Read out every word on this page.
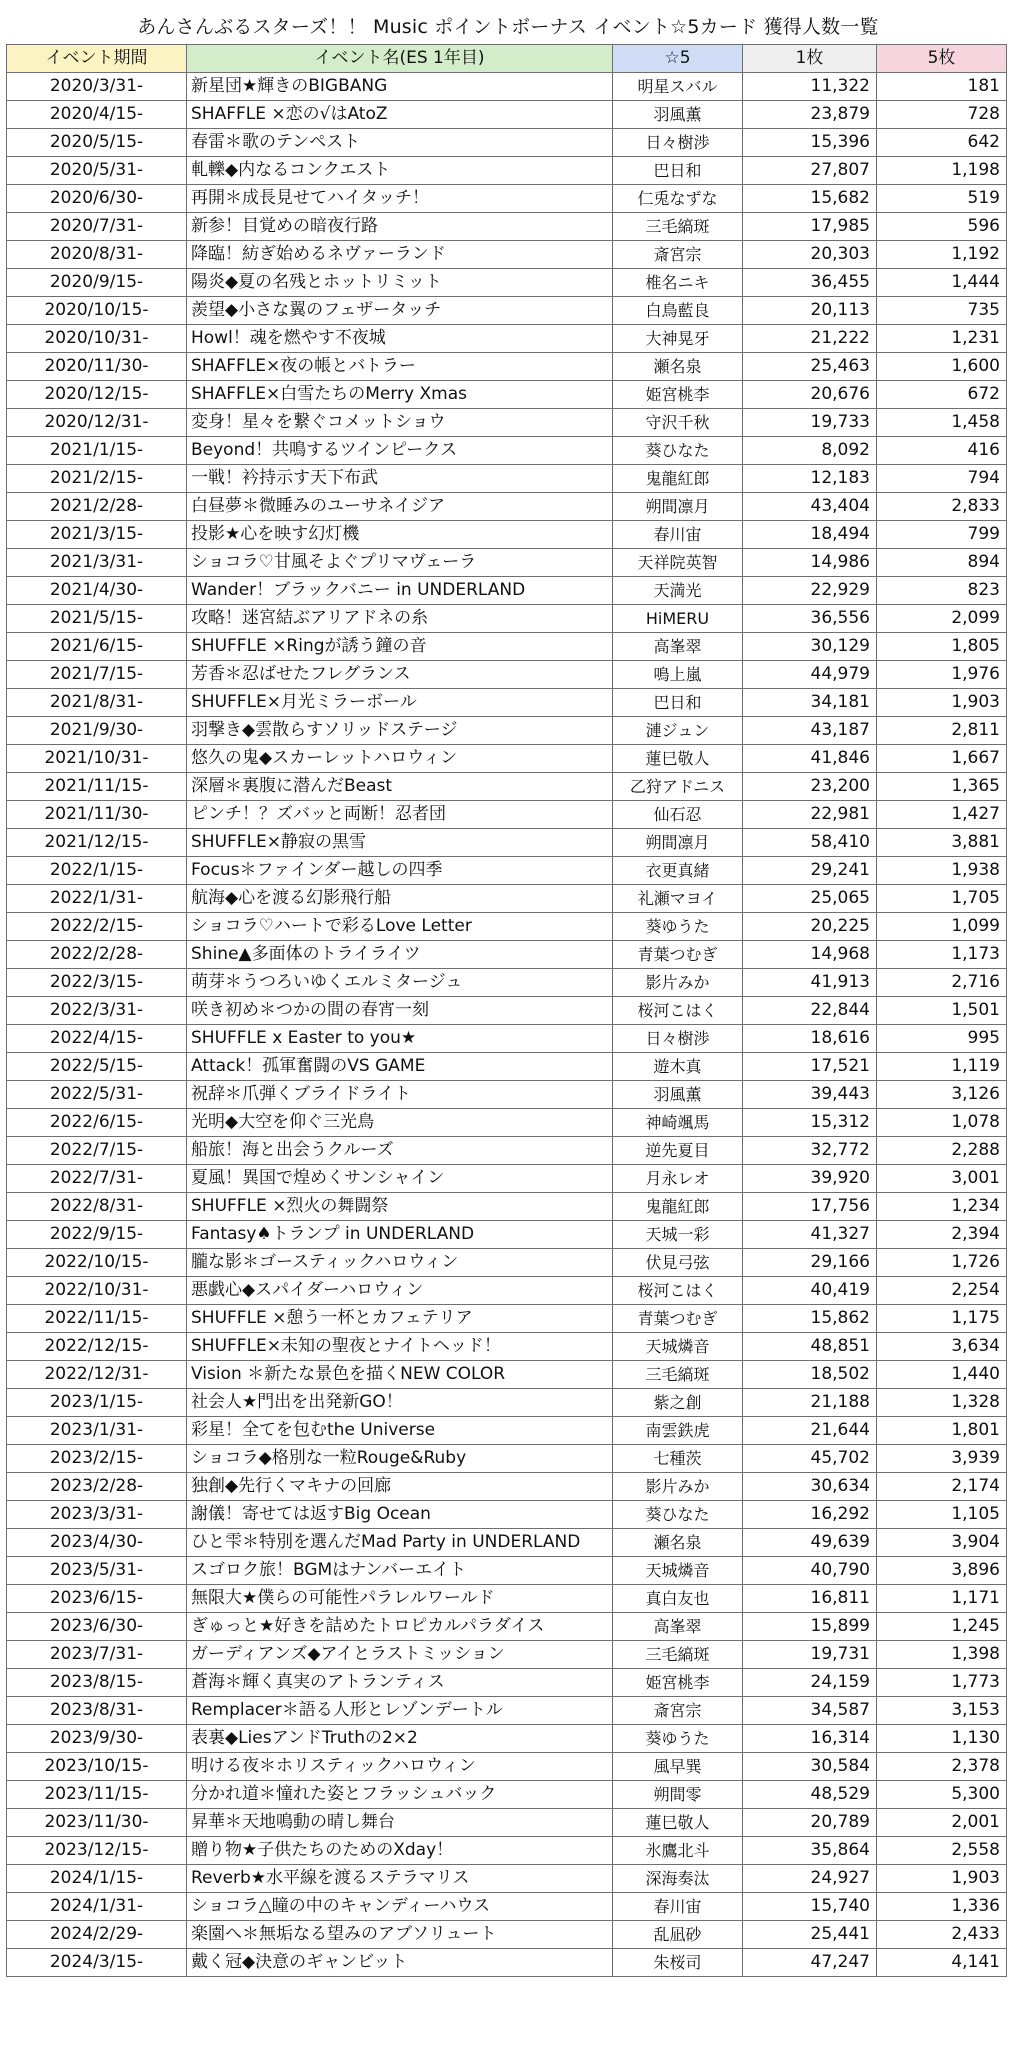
あんさんぶるスターズ！！ Music ポイントボーナス イベント☆5カード 獲得人数一覧
イベント期間	イベント名(ES 1年目)	☆5	1枚	5枚
2020/3/31-	新星団★輝きのBIGBANG	明星スバル	11,322	181
2020/4/15-	SHAFFLE ×恋の√はAtoZ	羽風薫	23,879	728
2020/5/15-	春雷＊歌のテンペスト	日々樹渉	15,396	642
2020/5/31-	軋轢◆内なるコンクエスト	巴日和	27,807	1,198
2020/6/30-	再開＊成長見せてハイタッチ！	仁兎なずな	15,682	519
2020/7/31-	新参！目覚めの暗夜行路	三毛縞斑	17,985	596
2020/8/31-	降臨！紡ぎ始めるネヴァーランド	斎宮宗	20,303	1,192
2020/9/15-	陽炎◆夏の名残とホットリミット	椎名ニキ	36,455	1,444
2020/10/15-	羨望◆小さな翼のフェザータッチ	白鳥藍良	20,113	735
2020/10/31-	Howl！魂を燃やす不夜城	大神晃牙	21,222	1,231
2020/11/30-	SHAFFLE×夜の帳とバトラー	瀬名泉	25,463	1,600
2020/12/15-	SHAFFLE×白雪たちのMerry Xmas	姫宮桃李	20,676	672
2020/12/31-	変身！星々を繋ぐコメットショウ	守沢千秋	19,733	1,458
2021/1/15-	Beyond！共鳴するツインピークス	葵ひなた	8,092	416
2021/2/15-	一戦！衿持示す天下布武	鬼龍紅郎	12,183	794
2021/2/28-	白昼夢＊微睡みのユーサネイジア	朔間凛月	43,404	2,833
2021/3/15-	投影★心を映す幻灯機	春川宙	18,494	799
2021/3/31-	ショコラ♡甘風そよぐプリマヴェーラ	天祥院英智	14,986	894
2021/4/30-	Wander！ブラックバニー in UNDERLAND	天満光	22,929	823
2021/5/15-	攻略！迷宮結ぶアリアドネの糸	HiMERU	36,556	2,099
2021/6/15-	SHUFFLE ×Ringが誘う鐘の音	高峯翠	30,129	1,805
2021/7/15-	芳香＊忍ばせたフレグランス	鳴上嵐	44,979	1,976
2021/8/31-	SHUFFLE×月光ミラーボール	巴日和	34,181	1,903
2021/9/30-	羽撃き◆雲散らすソリッドステージ	漣ジュン	43,187	2,811
2021/10/31-	悠久の鬼◆スカーレットハロウィン	蓮巳敬人	41,846	1,667
2021/11/15-	深層＊裏腹に潜んだBeast	乙狩アドニス	23,200	1,365
2021/11/30-	ピンチ！？ズバッと両断！忍者団	仙石忍	22,981	1,427
2021/12/15-	SHUFFLE×静寂の黒雪	朔間凛月	58,410	3,881
2022/1/15-	Focus＊ファインダー越しの四季	衣更真緒	29,241	1,938
2022/1/31-	航海◆心を渡る幻影飛行船	礼瀬マヨイ	25,065	1,705
2022/2/15-	ショコラ♡ハートで彩るLove Letter	葵ゆうた	20,225	1,099
2022/2/28-	Shine▲多面体のトライライツ	青葉つむぎ	14,968	1,173
2022/3/15-	萌芽＊うつろいゆくエルミタージュ	影片みか	41,913	2,716
2022/3/31-	咲き初め＊つかの間の春宵一刻	桜河こはく	22,844	1,501
2022/4/15-	SHUFFLE x Easter to you★	日々樹渉	18,616	995
2022/5/15-	Attack！孤軍奮闘のVS GAME	遊木真	17,521	1,119
2022/5/31-	祝辞＊爪弾くブライドライト	羽風薫	39,443	3,126
2022/6/15-	光明◆大空を仰ぐ三光鳥	神崎颯馬	15,312	1,078
2022/7/15-	船旅！海と出会うクルーズ	逆先夏目	32,772	2,288
2022/7/31-	夏風！異国で煌めくサンシャイン	月永レオ	39,920	3,001
2022/8/31-	SHUFFLE ×烈火の舞闘祭	鬼龍紅郎	17,756	1,234
2022/9/15-	Fantasy♠トランプ in UNDERLAND	天城一彩	41,327	2,394
2022/10/15-	朧な影＊ゴースティックハロウィン	伏見弓弦	29,166	1,726
2022/10/31-	悪戯心◆スパイダーハロウィン	桜河こはく	40,419	2,254
2022/11/15-	SHUFFLE ×憩う一杯とカフェテリア	青葉つむぎ	15,862	1,175
2022/12/15-	SHUFFLE×未知の聖夜とナイトヘッド！	天城燐音	48,851	3,634
2022/12/31-	Vision ＊新たな景色を描くNEW COLOR	三毛縞斑	18,502	1,440
2023/1/15-	社会人★門出を出発新GO！	紫之創	21,188	1,328
2023/1/31-	彩星！全てを包むthe Universe	南雲鉄虎	21,644	1,801
2023/2/15-	ショコラ◆格別な一粒Rouge&Ruby	七種茨	45,702	3,939
2023/2/28-	独創◆先行くマキナの回廊	影片みか	30,634	2,174
2023/3/31-	謝儀！寄せては返すBig Ocean	葵ひなた	16,292	1,105
2023/4/30-	ひと雫＊特別を選んだMad Party in UNDERLAND	瀬名泉	49,639	3,904
2023/5/31-	スゴロク旅！BGMはナンバーエイト	天城燐音	40,790	3,896
2023/6/15-	無限大★僕らの可能性パラレルワールド	真白友也	16,811	1,171
2023/6/30-	ぎゅっと★好きを詰めたトロピカルパラダイス	高峯翠	15,899	1,245
2023/7/31-	ガーディアンズ◆アイとラストミッション	三毛縞斑	19,731	1,398
2023/8/15-	蒼海＊輝く真実のアトランティス	姫宮桃李	24,159	1,773
2023/8/31-	Remplacer＊語る人形とレゾンデートル	斎宮宗	34,587	3,153
2023/9/30-	表裏◆LiesアンドTruthの2×2	葵ゆうた	16,314	1,130
2023/10/15-	明ける夜＊ホリスティックハロウィン	風早巽	30,584	2,378
2023/11/15-	分かれ道＊憧れた姿とフラッシュバック	朔間零	48,529	5,300
2023/11/30-	昇華＊天地鳴動の晴し舞台	蓮巳敬人	20,789	2,001
2023/12/15-	贈り物★子供たちのためのXday！	氷鷹北斗	35,864	2,558
2024/1/15-	Reverb★水平線を渡るステラマリス	深海奏汰	24,927	1,903
2024/1/31-	ショコラ△瞳の中のキャンディーハウス	春川宙	15,740	1,336
2024/2/29-	楽園へ＊無垢なる望みのアブソリュート	乱凪砂	25,441	2,433
2024/3/15-	戴く冠◆決意のギャンビット	朱桜司	47,247	4,141
